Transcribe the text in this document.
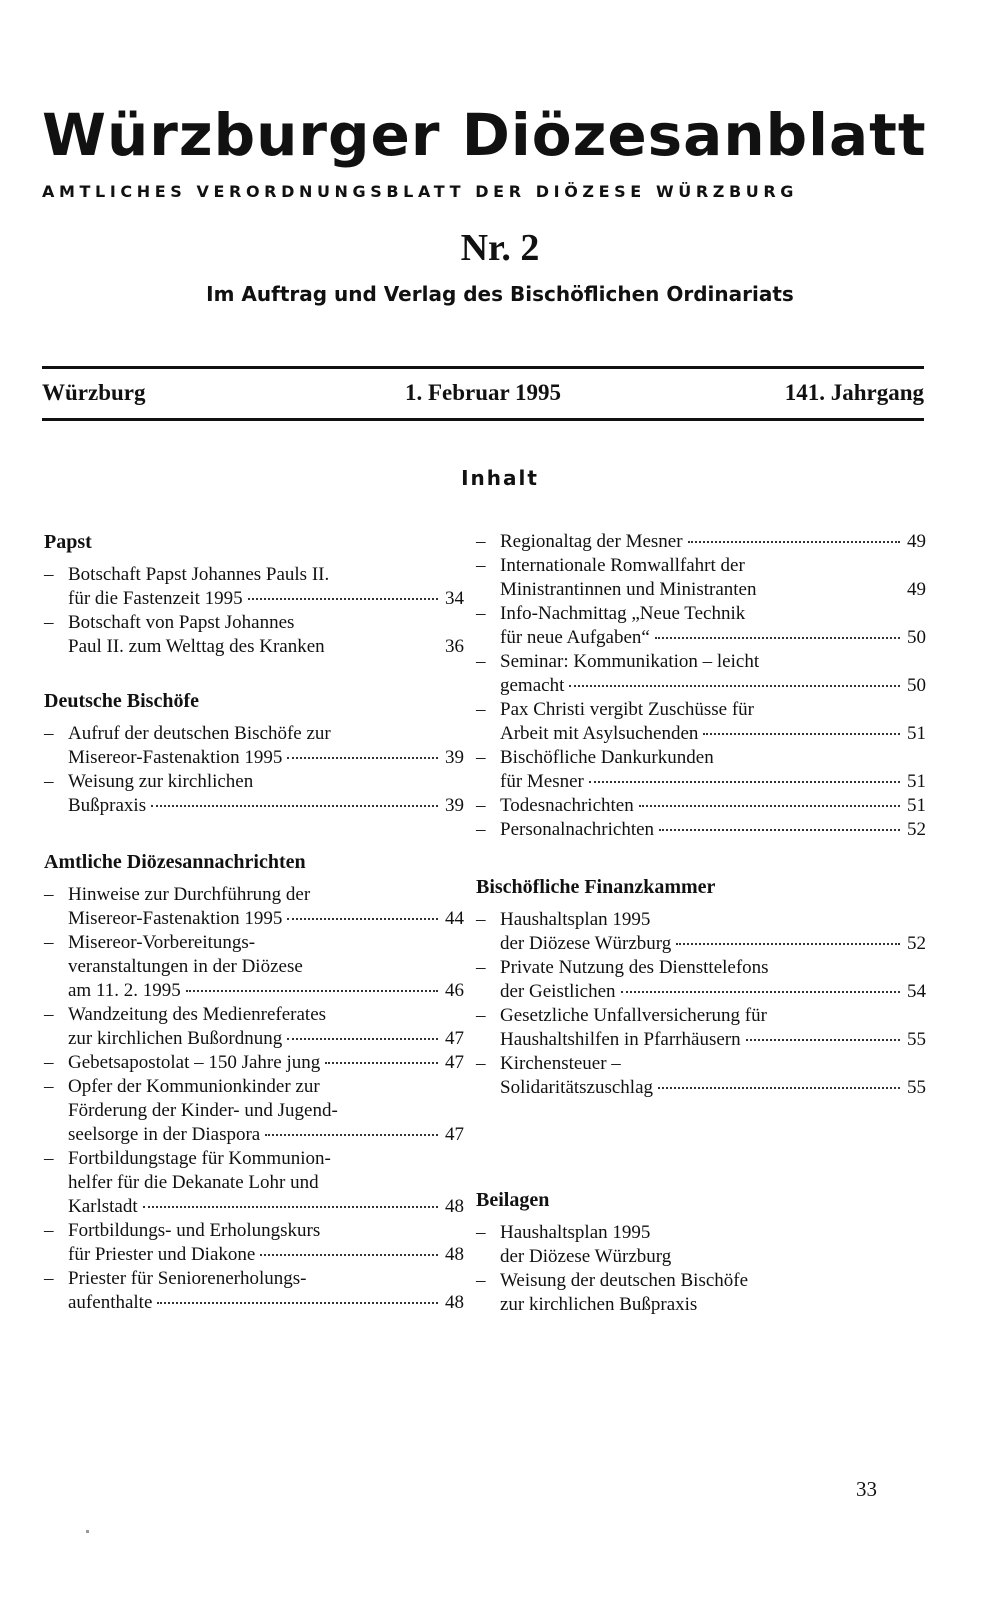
Würzburger Diözesanblatt
AMTLICHES VERORDNUNGSBLATT DER DIÖZESE WÜRZBURG
Nr. 2
Im Auftrag und Verlag des Bischöflichen Ordinariats
Würzburg	1. Februar 1995	141. Jahrgang
Inhalt
Papst
– Botschaft Papst Johannes Pauls II.
für die Fastenzeit 1995	34
– Botschaft von Papst Johannes
Paul II. zum Welttag des Kranken	36
Deutsche Bischöfe
– Aufruf der deutschen Bischöfe zur
Misereor-Fastenaktion 1995	39
– Weisung zur kirchlichen
Bußpraxis	39
Amtliche Diözesannachrichten
– Hinweise zur Durchführung der
Misereor-Fastenaktion 1995	44
– Misereor-Vorbereitungs-
veranstaltungen in der Diözese
am 11. 2. 1995	46
– Wandzeitung des Medienreferates
zur kirchlichen Bußordnung	47
– Gebetsapostolat – 150 Jahre jung	47
– Opfer der Kommunionkinder zur
Förderung der Kinder- und Jugend-
seelsorge in der Diaspora	47
– Fortbildungstage für Kommunion-
helfer für die Dekanate Lohr und
Karlstadt	48
– Fortbildungs- und Erholungskurs
für Priester und Diakone	48
– Priester für Seniorenerholungs-
aufenthalte	48
– Regionaltag der Mesner	49
– Internationale Romwallfahrt der
Ministrantinnen und Ministranten	49
– Info-Nachmittag „Neue Technik
für neue Aufgaben“	50
– Seminar: Kommunikation – leicht
gemacht	50
– Pax Christi vergibt Zuschüsse für
Arbeit mit Asylsuchenden	51
– Bischöfliche Dankurkunden
für Mesner	51
– Todesnachrichten	51
– Personalnachrichten	52
Bischöfliche Finanzkammer
– Haushaltsplan 1995
der Diözese Würzburg	52
– Private Nutzung des Diensttelefons
der Geistlichen	54
– Gesetzliche Unfallversicherung für
Haushaltshilfen in Pfarrhäusern	55
– Kirchensteuer –
Solidaritätszuschlag	55
Beilagen
– Haushaltsplan 1995
der Diözese Würzburg
– Weisung der deutschen Bischöfe
zur kirchlichen Bußpraxis
33
